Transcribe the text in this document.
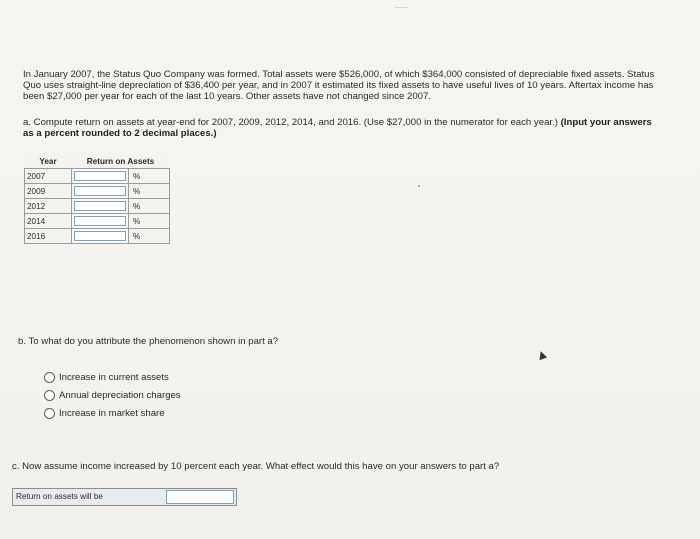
.....
In January 2007, the Status Quo Company was formed. Total assets were $526,000, of which $364,000 consisted of depreciable fixed assets. Status Quo uses straight-line depreciation of $36,400 per year, and in 2007 it estimated its fixed assets to have useful lives of 10 years. Aftertax income has been $27,000 per year for each of the last 10 years. Other assets have not changed since 2007.
a. Compute return on assets at year-end for 2007, 2009, 2012, 2014, and 2016. (Use $27,000 in the numerator for each year.) (Input your answers as a percent rounded to 2 decimal places.)
Year	Return on Assets	
2007		%
2009		%
2012		%
2014		%
2016		%
b. To what do you attribute the phenomenon shown in part a?
Increase in current assets
Annual depreciation charges
Increase in market share
c. Now assume income increased by 10 percent each year. What effect would this have on your answers to part a?
Return on assets will be
